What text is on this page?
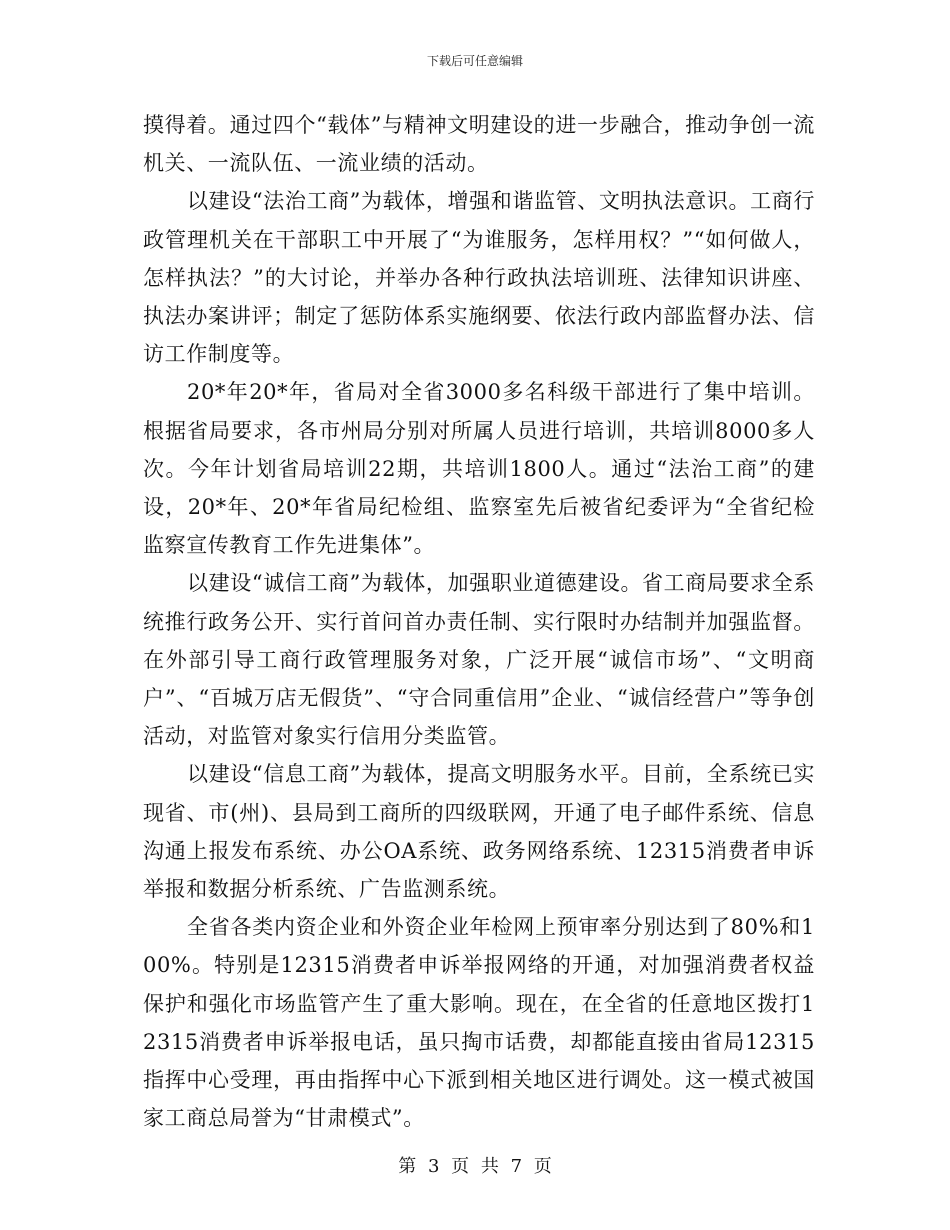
下载后可任意编辑

摸得着。通过四个“载体”与精神文明建设的进一步融合，推动争创一流机关、一流队伍、一流业绩的活动。

以建设“法治工商”为载体，增强和谐监管、文明执法意识。工商行政管理机关在干部职工中开展了“为谁服务，怎样用权？”“如何做人，怎样执法？”的大讨论，并举办各种行政执法培训班、法律知识讲座、执法办案讲评；制定了惩防体系实施纲要、依法行政内部监督办法、信访工作制度等。

20*年20*年，省局对全省3000多名科级干部进行了集中培训。根据省局要求，各市州局分别对所属人员进行培训，共培训8000多人次。今年计划省局培训22期，共培训1800人。通过“法治工商”的建设，20*年、20*年省局纪检组、监察室先后被省纪委评为“全省纪检监察宣传教育工作先进集体”。

以建设“诚信工商”为载体，加强职业道德建设。省工商局要求全系统推行政务公开、实行首问首办责任制、实行限时办结制并加强监督。在外部引导工商行政管理服务对象，广泛开展“诚信市场”、“文明商户”、“百城万店无假货”、“守合同重信用”企业、“诚信经营户”等争创活动，对监管对象实行信用分类监管。

以建设“信息工商”为载体，提高文明服务水平。目前，全系统已实现省、市(州)、县局到工商所的四级联网，开通了电子邮件系统、信息沟通上报发布系统、办公OA系统、政务网络系统、12315消费者申诉举报和数据分析系统、广告监测系统。

全省各类内资企业和外资企业年检网上预审率分别达到了80%和100%。特别是12315消费者申诉举报网络的开通，对加强消费者权益保护和强化市场监管产生了重大影响。现在，在全省的任意地区拨打12315消费者申诉举报电话，虽只掏市话费，却都能直接由省局12315指挥中心受理，再由指挥中心下派到相关地区进行调处。这一模式被国家工商总局誉为“甘肃模式”。

第 3 页 共 7 页
